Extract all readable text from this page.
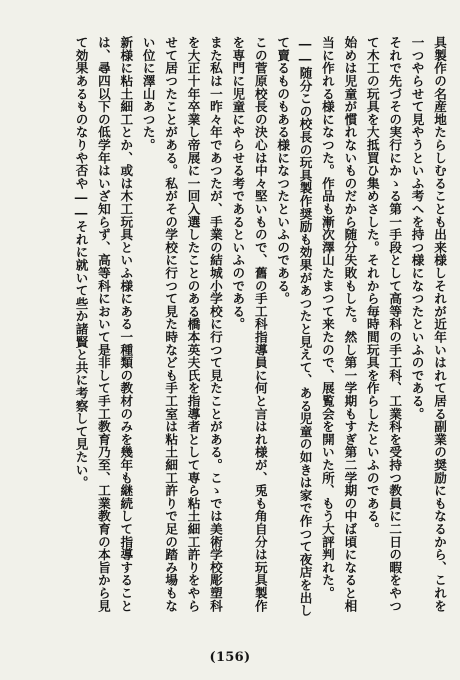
具製作の名産地たらしむることも出来様しそれが近年いはれて居る副業の奨励にもなるから、これを一つやらせて見やうといふ考へを持つ様になつたといふのである。

それで先づその実行にかゝる第一手段として高等科の手工科、工業科を受持つ教員に二日の暇をやつて木工の玩具を大抵買ひ集めさした。それから毎時間玩具を作らしたといふのである。

始めは児童が慣れないものだから随分失敗もした。然し第一学期もすぎ第二学期の中ば頃になると相当に作れる様になつた。作品も漸次澤山たまつて来たので、展覧会を開いた所、もう大評判れた。――随分この校長の玩具製作奨励も効果があつたと見えて、ある児童の如きは家で作つて夜店を出して賣るものもある様になつたといふのである。

この菅原校長の決心は中々堅いもので、舊の手工科指導員に何と言はれ様が、兎も角自分は玩具製作を専門に児童にやらせる考であるといふのである。

また私は一昨々年であつたが、手業の結城小学校に行つて見たことがある。こゝでは美術学校彫塑科を大正十年卒業し帝展に一回入選したことのある橋本英夫氏を指導者として専ら粘土細工許りをやらせて居つたことがある。私がその学校に行つて見た時なども手工室は粘土細工許りで足の踏み場もない位に澤山あつた。

新様に粘土細工とか、或は木工玩具といふ様にある一種類の教材のみを幾年も継続して指導することは、尋四以下の低学年はいざ知らず、高等科において是非して手工教育乃至、工業教育の本旨から見て効果あるものなりや否や――それに就いて些か諸賢と共に考察して見たい。

(156)
